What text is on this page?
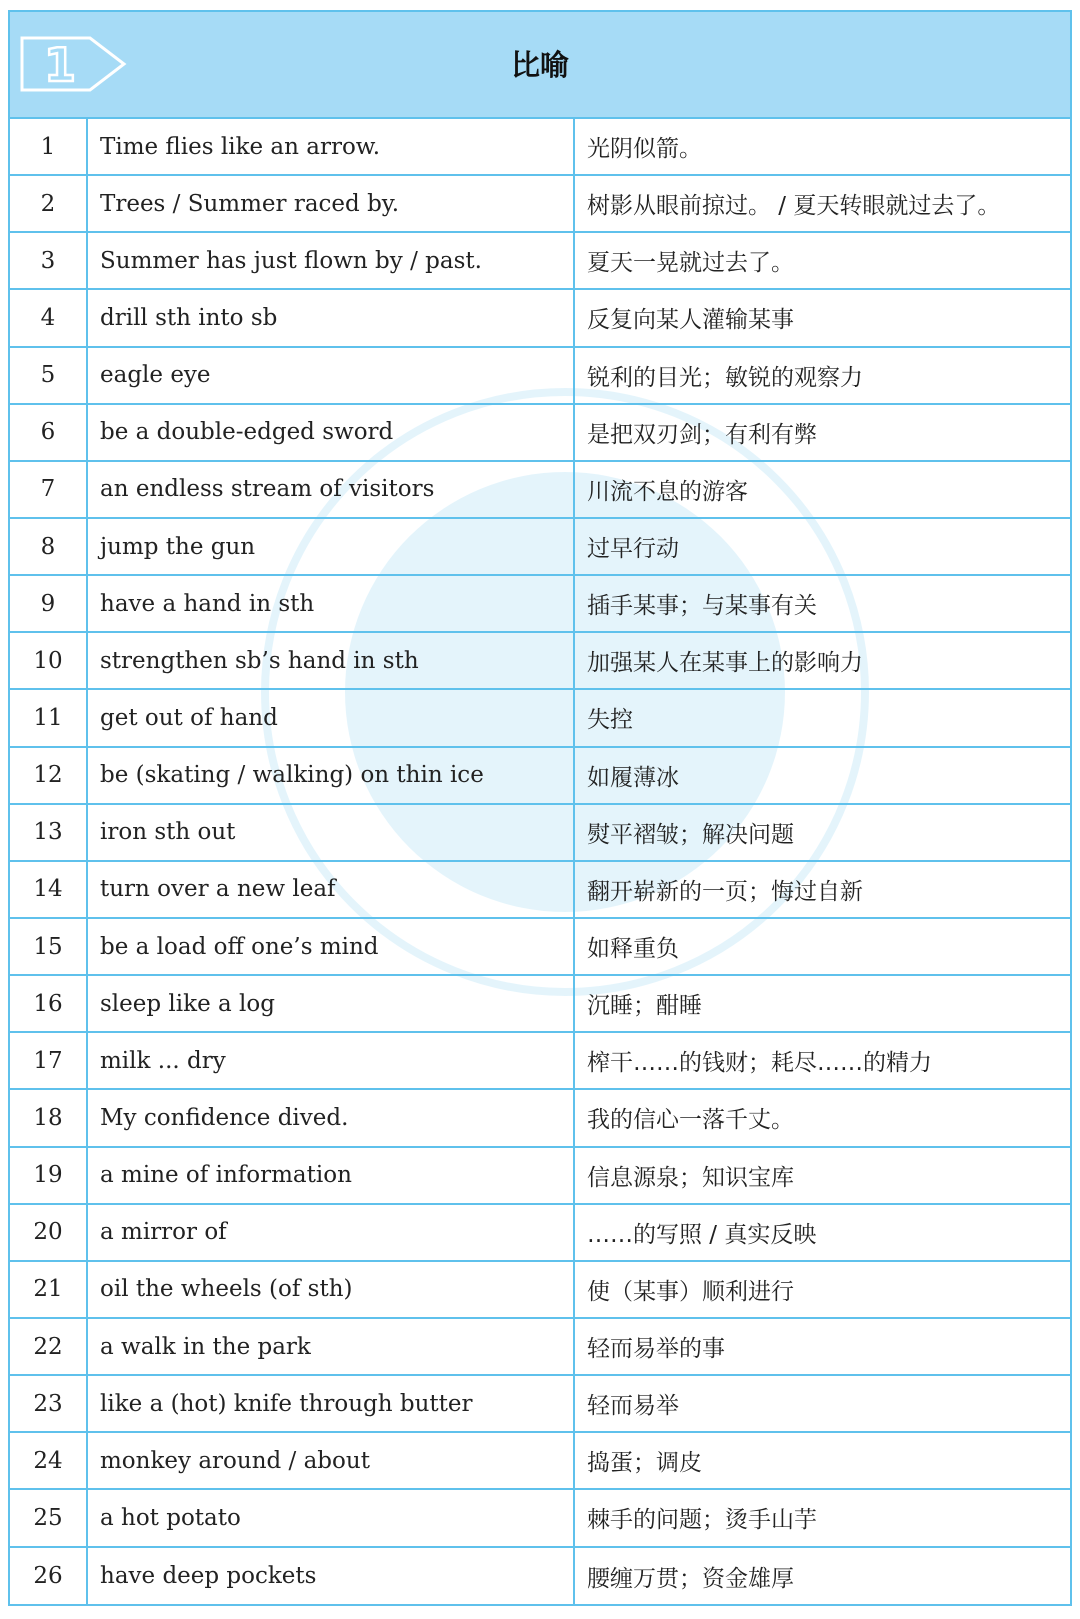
1	比喻
1	Time flies like an arrow.	光阴似箭。
2	Trees / Summer raced by.	树影从眼前掠过。 / 夏天转眼就过去了。
3	Summer has just flown by / past.	夏天一晃就过去了。
4	drill sth into sb	反复向某人灌输某事
5	eagle eye	锐利的目光；敏锐的观察力
6	be a double-edged sword	是把双刃剑；有利有弊
7	an endless stream of visitors	川流不息的游客
8	jump the gun	过早行动
9	have a hand in sth	插手某事；与某事有关
10	strengthen sb’s hand in sth	加强某人在某事上的影响力
11	get out of hand	失控
12	be (skating / walking) on thin ice	如履薄冰
13	iron sth out	熨平褶皱；解决问题
14	turn over a new leaf	翻开崭新的一页；悔过自新
15	be a load off one’s mind	如释重负
16	sleep like a log	沉睡；酣睡
17	milk ... dry	榨干……的钱财；耗尽……的精力
18	My confidence dived.	我的信心一落千丈。
19	a mine of information	信息源泉；知识宝库
20	a mirror of	……的写照 / 真实反映
21	oil the wheels (of sth)	使（某事）顺利进行
22	a walk in the park	轻而易举的事
23	like a (hot) knife through butter	轻而易举
24	monkey around / about	捣蛋；调皮
25	a hot potato	棘手的问题；烫手山芋
26	have deep pockets	腰缠万贯；资金雄厚
